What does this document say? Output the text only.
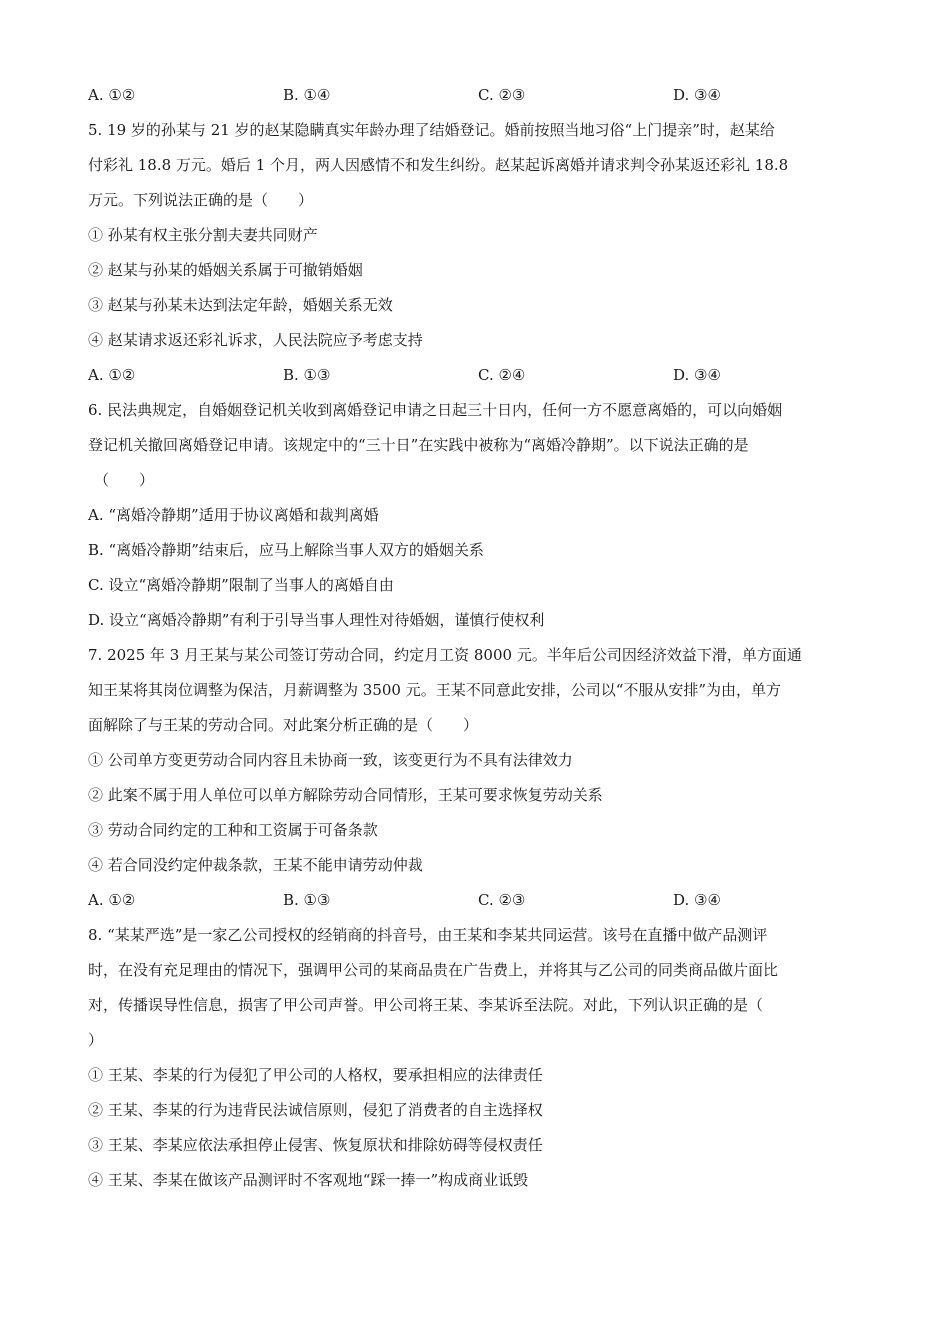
A. ①②	B. ①④	C. ②③	D. ③④
5. 19 岁的孙某与 21 岁的赵某隐瞒真实年龄办理了结婚登记。婚前按照当地习俗“上门提亲”时，赵某给
付彩礼 18.8 万元。婚后 1 个月，两人因感情不和发生纠纷。赵某起诉离婚并请求判令孙某返还彩礼 18.8
万元。下列说法正确的是（　　）
① 孙某有权主张分割夫妻共同财产
② 赵某与孙某的婚姻关系属于可撤销婚姻
③ 赵某与孙某未达到法定年龄，婚姻关系无效
④ 赵某请求返还彩礼诉求，人民法院应予考虑支持
A. ①②	B. ①③	C. ②④	D. ③④
6. 民法典规定，自婚姻登记机关收到离婚登记申请之日起三十日内，任何一方不愿意离婚的，可以向婚姻
登记机关撤回离婚登记申请。该规定中的“三十日”在实践中被称为“离婚冷静期”。以下说法正确的是
（　　）
A. “离婚冷静期”适用于协议离婚和裁判离婚
B. “离婚冷静期”结束后，应马上解除当事人双方的婚姻关系
C. 设立“离婚冷静期”限制了当事人的离婚自由
D. 设立“离婚冷静期”有利于引导当事人理性对待婚姻，谨慎行使权利
7. 2025 年 3 月王某与某公司签订劳动合同，约定月工资 8000 元。半年后公司因经济效益下滑，单方面通
知王某将其岗位调整为保洁，月薪调整为 3500 元。王某不同意此安排，公司以“不服从安排”为由，单方
面解除了与王某的劳动合同。对此案分析正确的是（　　）
① 公司单方变更劳动合同内容且未协商一致，该变更行为不具有法律效力
② 此案不属于用人单位可以单方解除劳动合同情形，王某可要求恢复劳动关系
③ 劳动合同约定的工种和工资属于可备条款
④ 若合同没约定仲裁条款，王某不能申请劳动仲裁
A. ①②	B. ①③	C. ②③	D. ③④
8. “某某严选”是一家乙公司授权的经销商的抖音号，由王某和李某共同运营。该号在直播中做产品测评
时，在没有充足理由的情况下，强调甲公司的某商品贵在广告费上，并将其与乙公司的同类商品做片面比
对，传播误导性信息，损害了甲公司声誉。甲公司将王某、李某诉至法院。对此，下列认识正确的是（
）
① 王某、李某的行为侵犯了甲公司的人格权，要承担相应的法律责任
② 王某、李某的行为违背民法诚信原则，侵犯了消费者的自主选择权
③ 王某、李某应依法承担停止侵害、恢复原状和排除妨碍等侵权责任
④ 王某、李某在做该产品测评时不客观地“踩一捧一”构成商业诋毁
